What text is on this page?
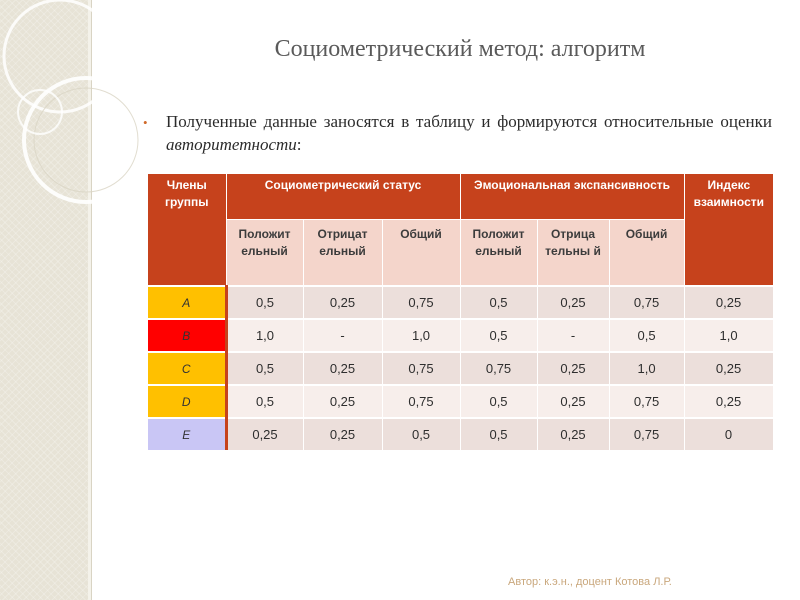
Социометрический метод: алгоритм
• Полученные данные заносятся в таблицу и формируются относительные оценки авторитетности:
Члены группы	Социометрический статус			Эмоциональная экспансивность			Индекс взаимности
	Положит ельный	Отрицат ельный	Общий	Положит ельный	Отрица тельны й	Общий	
A	0,5	0,25	0,75	0,5	0,25	0,75	0,25
B	1,0	-	1,0	0,5	-	0,5	1,0
C	0,5	0,25	0,75	0,75	0,25	1,0	0,25
D	0,5	0,25	0,75	0,5	0,25	0,75	0,25
E	0,25	0,25	0,5	0,5	0,25	0,75	0
Автор: к.э.н., доцент Котова Л.Р.
